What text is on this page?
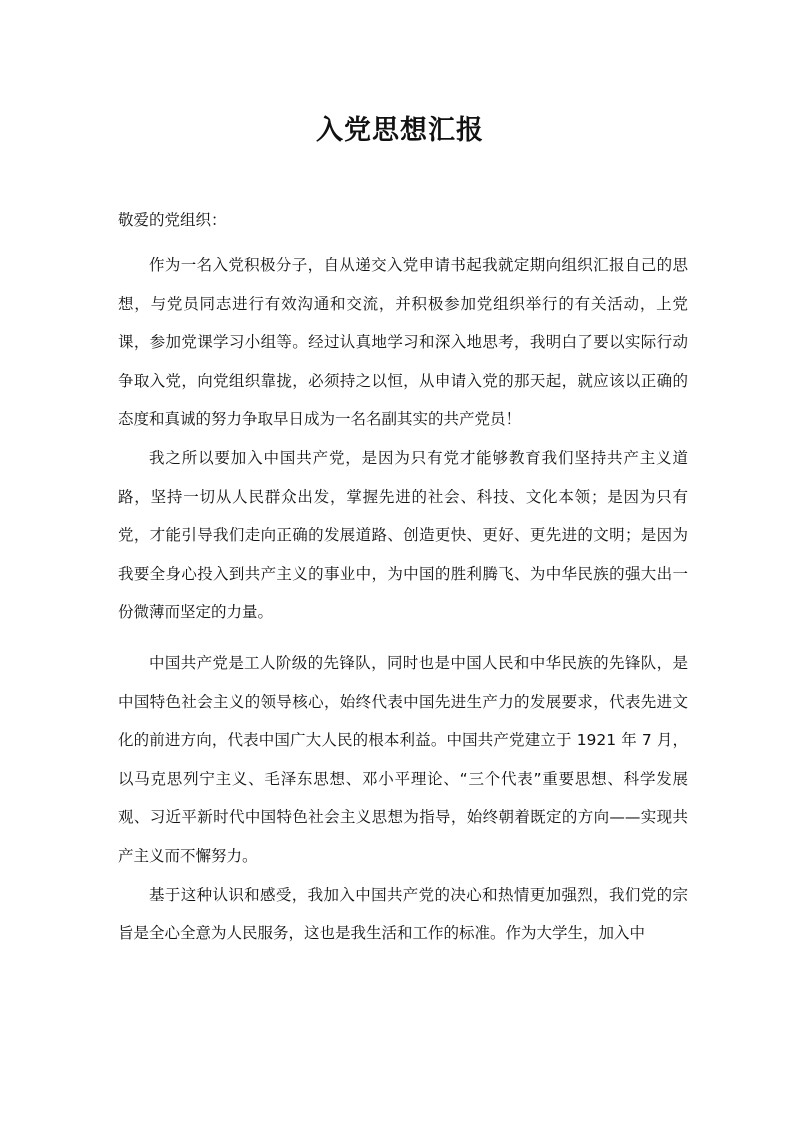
入党思想汇报

敬爱的党组织：

作为一名入党积极分子，自从递交入党申请书起我就定期向组织汇报自己的思想，与党员同志进行有效沟通和交流，并积极参加党组织举行的有关活动，上党课，参加党课学习小组等。经过认真地学习和深入地思考，我明白了要以实际行动争取入党，向党组织靠拢，必须持之以恒，从申请入党的那天起，就应该以正确的态度和真诚的努力争取早日成为一名名副其实的共产党员！

我之所以要加入中国共产党，是因为只有党才能够教育我们坚持共产主义道路，坚持一切从人民群众出发，掌握先进的社会、科技、文化本领；是因为只有党，才能引导我们走向正确的发展道路、创造更快、更好、更先进的文明；是因为我要全身心投入到共产主义的事业中，为中国的胜利腾飞、为中华民族的强大出一份微薄而坚定的力量。

中国共产党是工人阶级的先锋队，同时也是中国人民和中华民族的先锋队，是中国特色社会主义的领导核心，始终代表中国先进生产力的发展要求，代表先进文化的前进方向，代表中国广大人民的根本利益。中国共产党建立于 1921 年 7 月，以马克思列宁主义、毛泽东思想、邓小平理论、“三个代表”重要思想、科学发展观、习近平新时代中国特色社会主义思想为指导，始终朝着既定的方向——实现共产主义而不懈努力。

基于这种认识和感受，我加入中国共产党的决心和热情更加强烈，我们党的宗旨是全心全意为人民服务，这也是我生活和工作的标准。作为大学生，加入中
